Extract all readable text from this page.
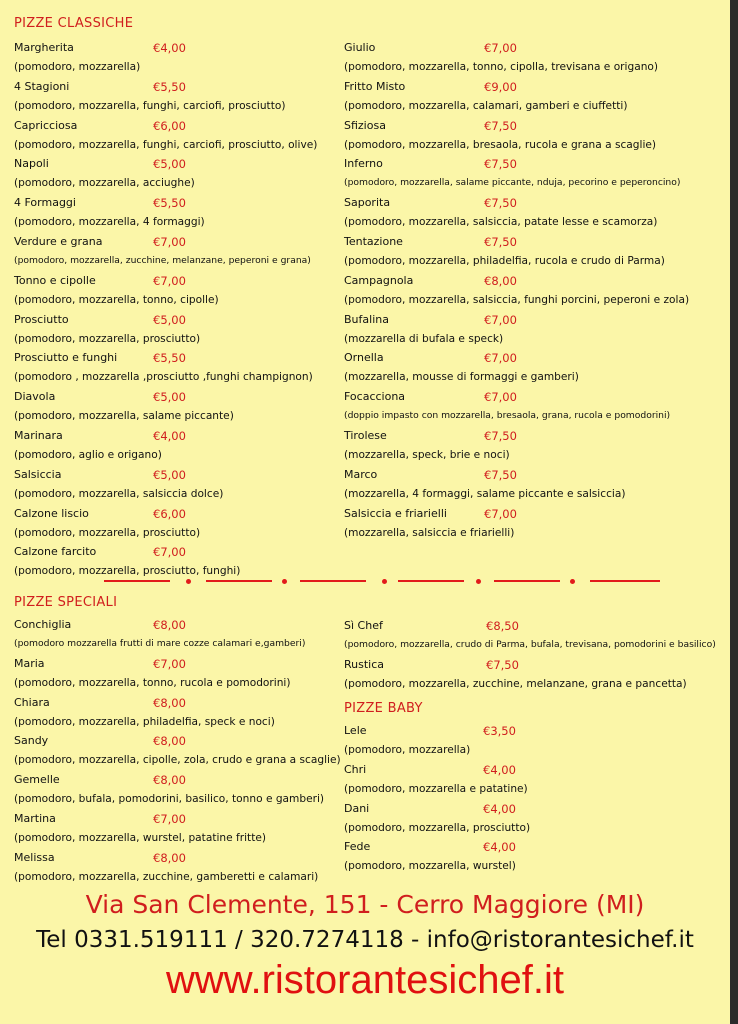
PIZZE CLASSICHE
Margherita	€4,00
(pomodoro, mozzarella)
4 Stagioni	€5,50
(pomodoro, mozzarella, funghi, carciofi, prosciutto)
Capricciosa	€6,00
(pomodoro, mozzarella, funghi, carciofi, prosciutto, olive)
Napoli	€5,00
(pomodoro, mozzarella, acciughe)
4 Formaggi	€5,50
(pomodoro, mozzarella, 4 formaggi)
Verdure e grana	€7,00
(pomodoro, mozzarella, zucchine, melanzane, peperoni e grana)
Tonno e cipolle	€7,00
(pomodoro, mozzarella, tonno, cipolle)
Prosciutto	€5,00
(pomodoro, mozzarella, prosciutto)
Prosciutto e funghi	€5,50
(pomodoro , mozzarella ,prosciutto ,funghi champignon)
Diavola	€5,00
(pomodoro, mozzarella, salame piccante)
Marinara	€4,00
(pomodoro, aglio e origano)
Salsiccia	€5,00
(pomodoro, mozzarella, salsiccia dolce)
Calzone liscio	€6,00
(pomodoro, mozzarella, prosciutto)
Calzone farcito	€7,00
(pomodoro, mozzarella, prosciutto, funghi)
Giulio	€7,00
(pomodoro, mozzarella, tonno, cipolla, trevisana e origano)
Fritto Misto	€9,00
(pomodoro, mozzarella, calamari, gamberi e ciuffetti)
Sfiziosa	€7,50
(pomodoro, mozzarella, bresaola, rucola e grana a scaglie)
Inferno	€7,50
(pomodoro, mozzarella, salame piccante, nduja, pecorino e peperoncino)
Saporita	€7,50
(pomodoro, mozzarella, salsiccia, patate lesse e scamorza)
Tentazione	€7,50
(pomodoro, mozzarella, philadelfia, rucola e crudo di Parma)
Campagnola	€8,00
(pomodoro, mozzarella, salsiccia, funghi porcini, peperoni e zola)
Bufalina	€7,00
(mozzarella di bufala e speck)
Ornella	€7,00
(mozzarella, mousse di formaggi e gamberi)
Focacciona	€7,00
(doppio impasto con mozzarella, bresaola, grana, rucola e pomodorini)
Tirolese	€7,50
(mozzarella, speck, brie e noci)
Marco	€7,50
(mozzarella, 4 formaggi, salame piccante e salsiccia)
Salsiccia e friarielli	€7,00
(mozzarella, salsiccia e friarielli)
PIZZE SPECIALI
Conchiglia	€8,00
(pomodoro mozzarella frutti di mare cozze calamari e,gamberi)
Maria	€7,00
(pomodoro, mozzarella, tonno, rucola e pomodorini)
Chiara	€8,00
(pomodoro, mozzarella, philadelfia, speck e noci)
Sandy	€8,00
(pomodoro, mozzarella, cipolle, zola, crudo e grana a scaglie)
Gemelle	€8,00
(pomodoro, bufala, pomodorini, basilico, tonno e gamberi)
Martina	€7,00
(pomodoro, mozzarella, wurstel, patatine fritte)
Melissa	€8,00
(pomodoro, mozzarella, zucchine, gamberetti e calamari)
Sì Chef	€8,50
(pomodoro, mozzarella, crudo di Parma, bufala, trevisana, pomodorini e basilico)
Rustica	€7,50
(pomodoro, mozzarella, zucchine, melanzane, grana e pancetta)
PIZZE BABY
Lele	€3,50
(pomodoro, mozzarella)
Chri	€4,00
(pomodoro, mozzarella e patatine)
Dani	€4,00
(pomodoro, mozzarella, prosciutto)
Fede	€4,00
(pomodoro, mozzarella, wurstel)
Via San Clemente, 151 - Cerro Maggiore (MI)
Tel 0331.519111 / 320.7274118 - info@ristorantesichef.it
www.ristorantesichef.it
